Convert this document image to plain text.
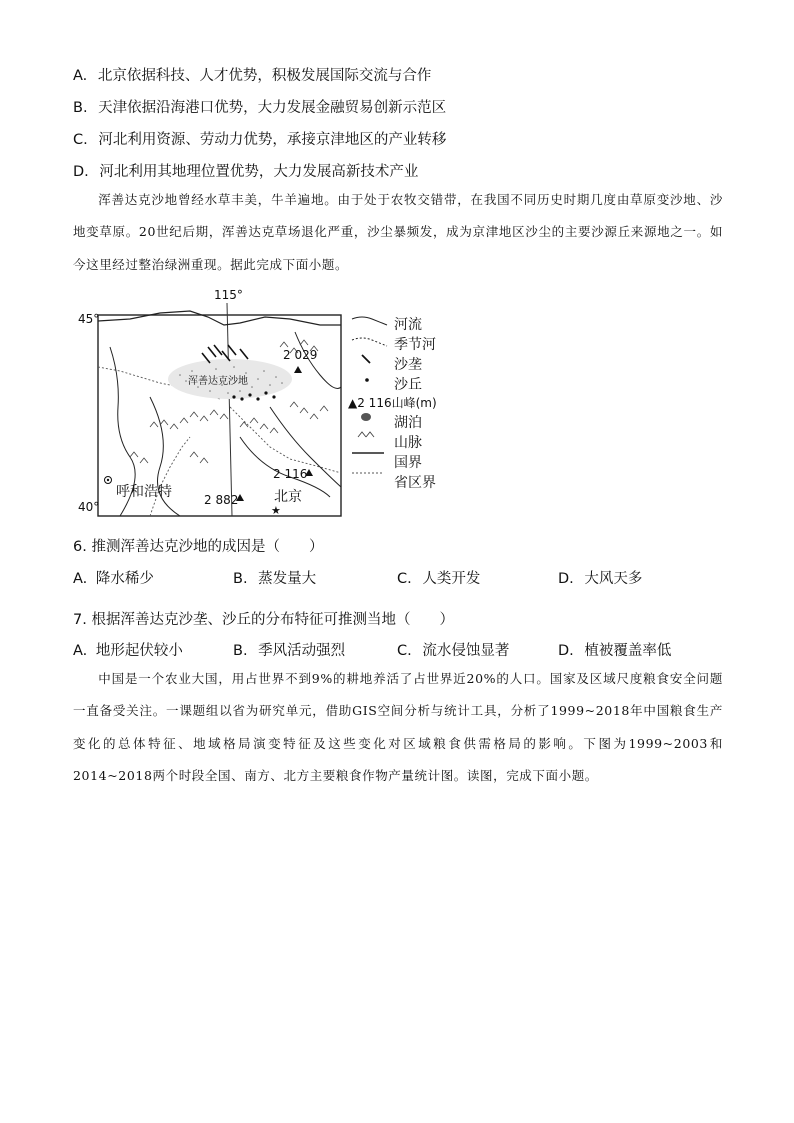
A. 北京依据科技、人才优势，积极发展国际交流与合作
B. 天津依据沿海港口优势，大力发展金融贸易创新示范区
C. 河北利用资源、劳动力优势，承接京津地区的产业转移
D. 河北利用其地理位置优势，大力发展高新技术产业
浑善达克沙地曾经水草丰美，牛羊遍地。由于处于农牧交错带，在我国不同历史时期几度由草原变沙地、沙地变草原。20世纪后期，浑善达克草场退化严重，沙尘暴频发，成为京津地区沙尘的主要沙源丘来源地之一。如今这里经过整治绿洲重现。据此完成下面小题。
115°
45°
40°
浑善达克沙地
2 029
2 116
2 882
呼和浩特	北京
★
河流
季节河
沙垄
沙丘
▲2 116山峰(m)
湖泊
山脉
国界
省区界
6. 推测浑善达克沙地的成因是（　　）
A. 降水稀少	B. 蒸发量大	C. 人类开发	D. 大风天多
7. 根据浑善达克沙垄、沙丘的分布特征可推测当地（　　）
A. 地形起伏较小	B. 季风活动强烈	C. 流水侵蚀显著	D. 植被覆盖率低
中国是一个农业大国，用占世界不到9%的耕地养活了占世界近20%的人口。国家及区域尺度粮食安全问题一直备受关注。一课题组以省为研究单元，借助GIS空间分析与统计工具，分析了1999~2018年中国粮食生产变化的总体特征、地域格局演变特征及这些变化对区域粮食供需格局的影响。下图为1999~2003和2014~2018两个时段全国、南方、北方主要粮食作物产量统计图。读图，完成下面小题。
